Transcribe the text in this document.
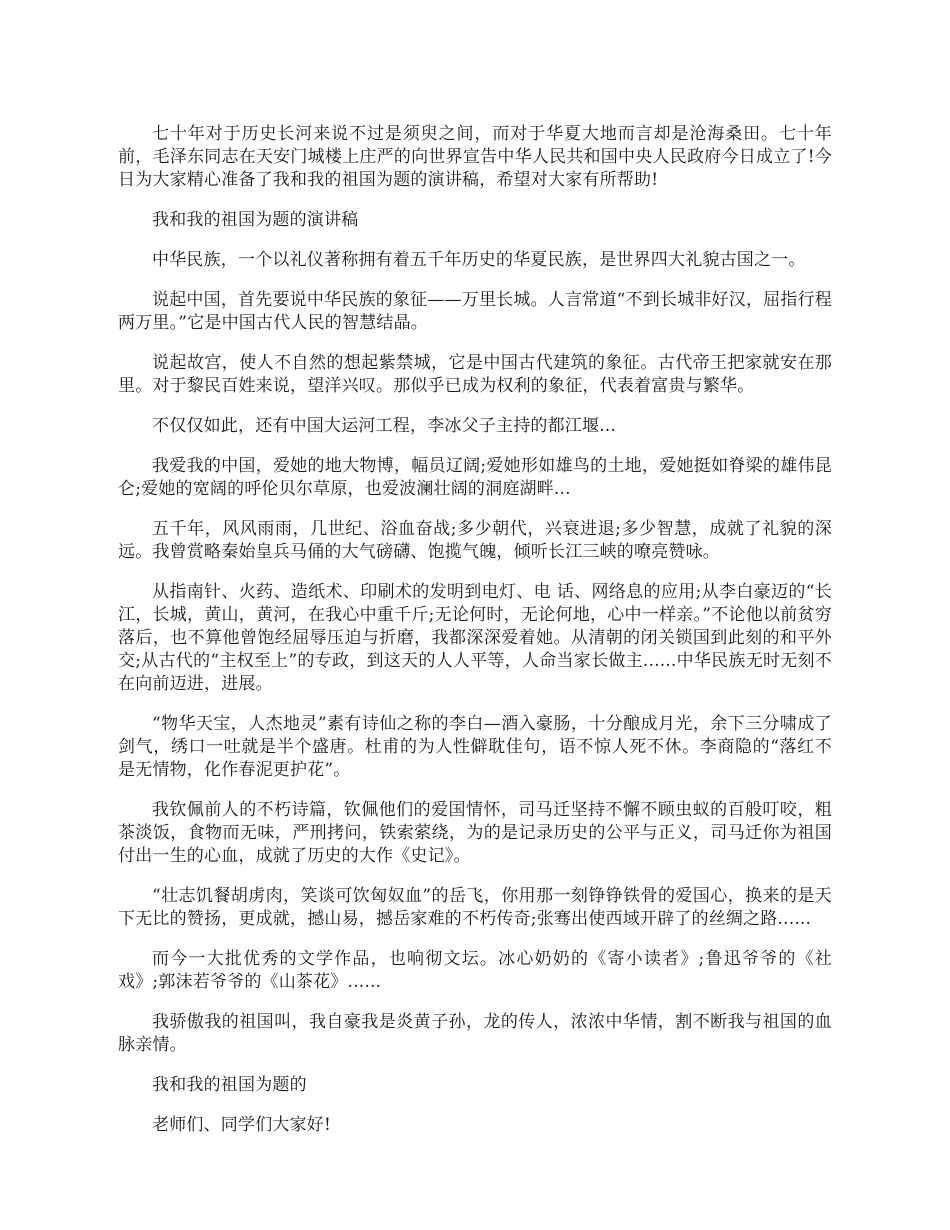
七十年对于历史长河来说不过是须臾之间，而对于华夏大地而言却是沧海桑田。七十年前，毛泽东同志在天安门城楼上庄严的向世界宣告中华人民共和国中央人民政府今日成立了!今日为大家精心准备了我和我的祖国为题的演讲稿，希望对大家有所帮助!

我和我的祖国为题的演讲稿

中华民族，一个以礼仪著称拥有着五千年历史的华夏民族，是世界四大礼貌古国之一。

说起中国，首先要说中华民族的象征——万里长城。人言常道“不到长城非好汉，屈指行程两万里。”它是中国古代人民的智慧结晶。

说起故宫，使人不自然的想起紫禁城，它是中国古代建筑的象征。古代帝王把家就安在那里。对于黎民百姓来说，望洋兴叹。那似乎已成为权利的象征，代表着富贵与繁华。

不仅仅如此，还有中国大运河工程，李冰父子主持的都江堰...

我爱我的中国，爱她的地大物博，幅员辽阔;爱她形如雄鸟的土地，爱她挺如脊梁的雄伟昆仑;爱她的宽阔的呼伦贝尔草原，也爱波澜壮阔的洞庭湖畔...

五千年，风风雨雨，几世纪、浴血奋战;多少朝代，兴衰进退;多少智慧，成就了礼貌的深远。我曾赏略秦始皇兵马俑的大气磅礴、饱揽气魄，倾听长江三峡的嘹亮赞咏。

从指南针、火药、造纸术、印刷术的发明到电灯、电 话、网络息的应用;从李白豪迈的“长江，长城，黄山，黄河，在我心中重千斤;无论何时，无论何地，心中一样亲。”不论他以前贫穷落后，也不算他曾饱经屈辱压迫与折磨，我都深深爱着她。从清朝的闭关锁国到此刻的和平外交;从古代的“主权至上”的专政，到这天的人人平等，人命当家长做主......中华民族无时无刻不在向前迈进，进展。

“物华天宝，人杰地灵”素有诗仙之称的李白—酒入豪肠，十分酿成月光，余下三分啸成了剑气，绣口一吐就是半个盛唐。杜甫的为人性僻耽佳句，语不惊人死不休。李商隐的“落红不是无情物，化作春泥更护花”。

我钦佩前人的不朽诗篇，钦佩他们的爱国情怀，司马迁坚持不懈不顾虫蚁的百般叮咬，粗茶淡饭，食物而无味，严刑拷问，铁索萦绕，为的是记录历史的公平与正义，司马迁你为祖国付出一生的心血，成就了历史的大作《史记》。

“壮志饥餐胡虏肉，笑谈可饮匈奴血”的岳飞，你用那一刻铮铮铁骨的爱国心，换来的是天下无比的赞扬，更成就，撼山易，撼岳家难的不朽传奇;张骞出使西域开辟了的丝绸之路......

而今一大批优秀的文学作品，也响彻文坛。冰心奶奶的《寄小读者》;鲁迅爷爷的《社戏》;郭沫若爷爷的《山茶花》......

我骄傲我的祖国叫，我自豪我是炎黄子孙，龙的传人，浓浓中华情，割不断我与祖国的血脉亲情。

我和我的祖国为题的

老师们、同学们大家好!
